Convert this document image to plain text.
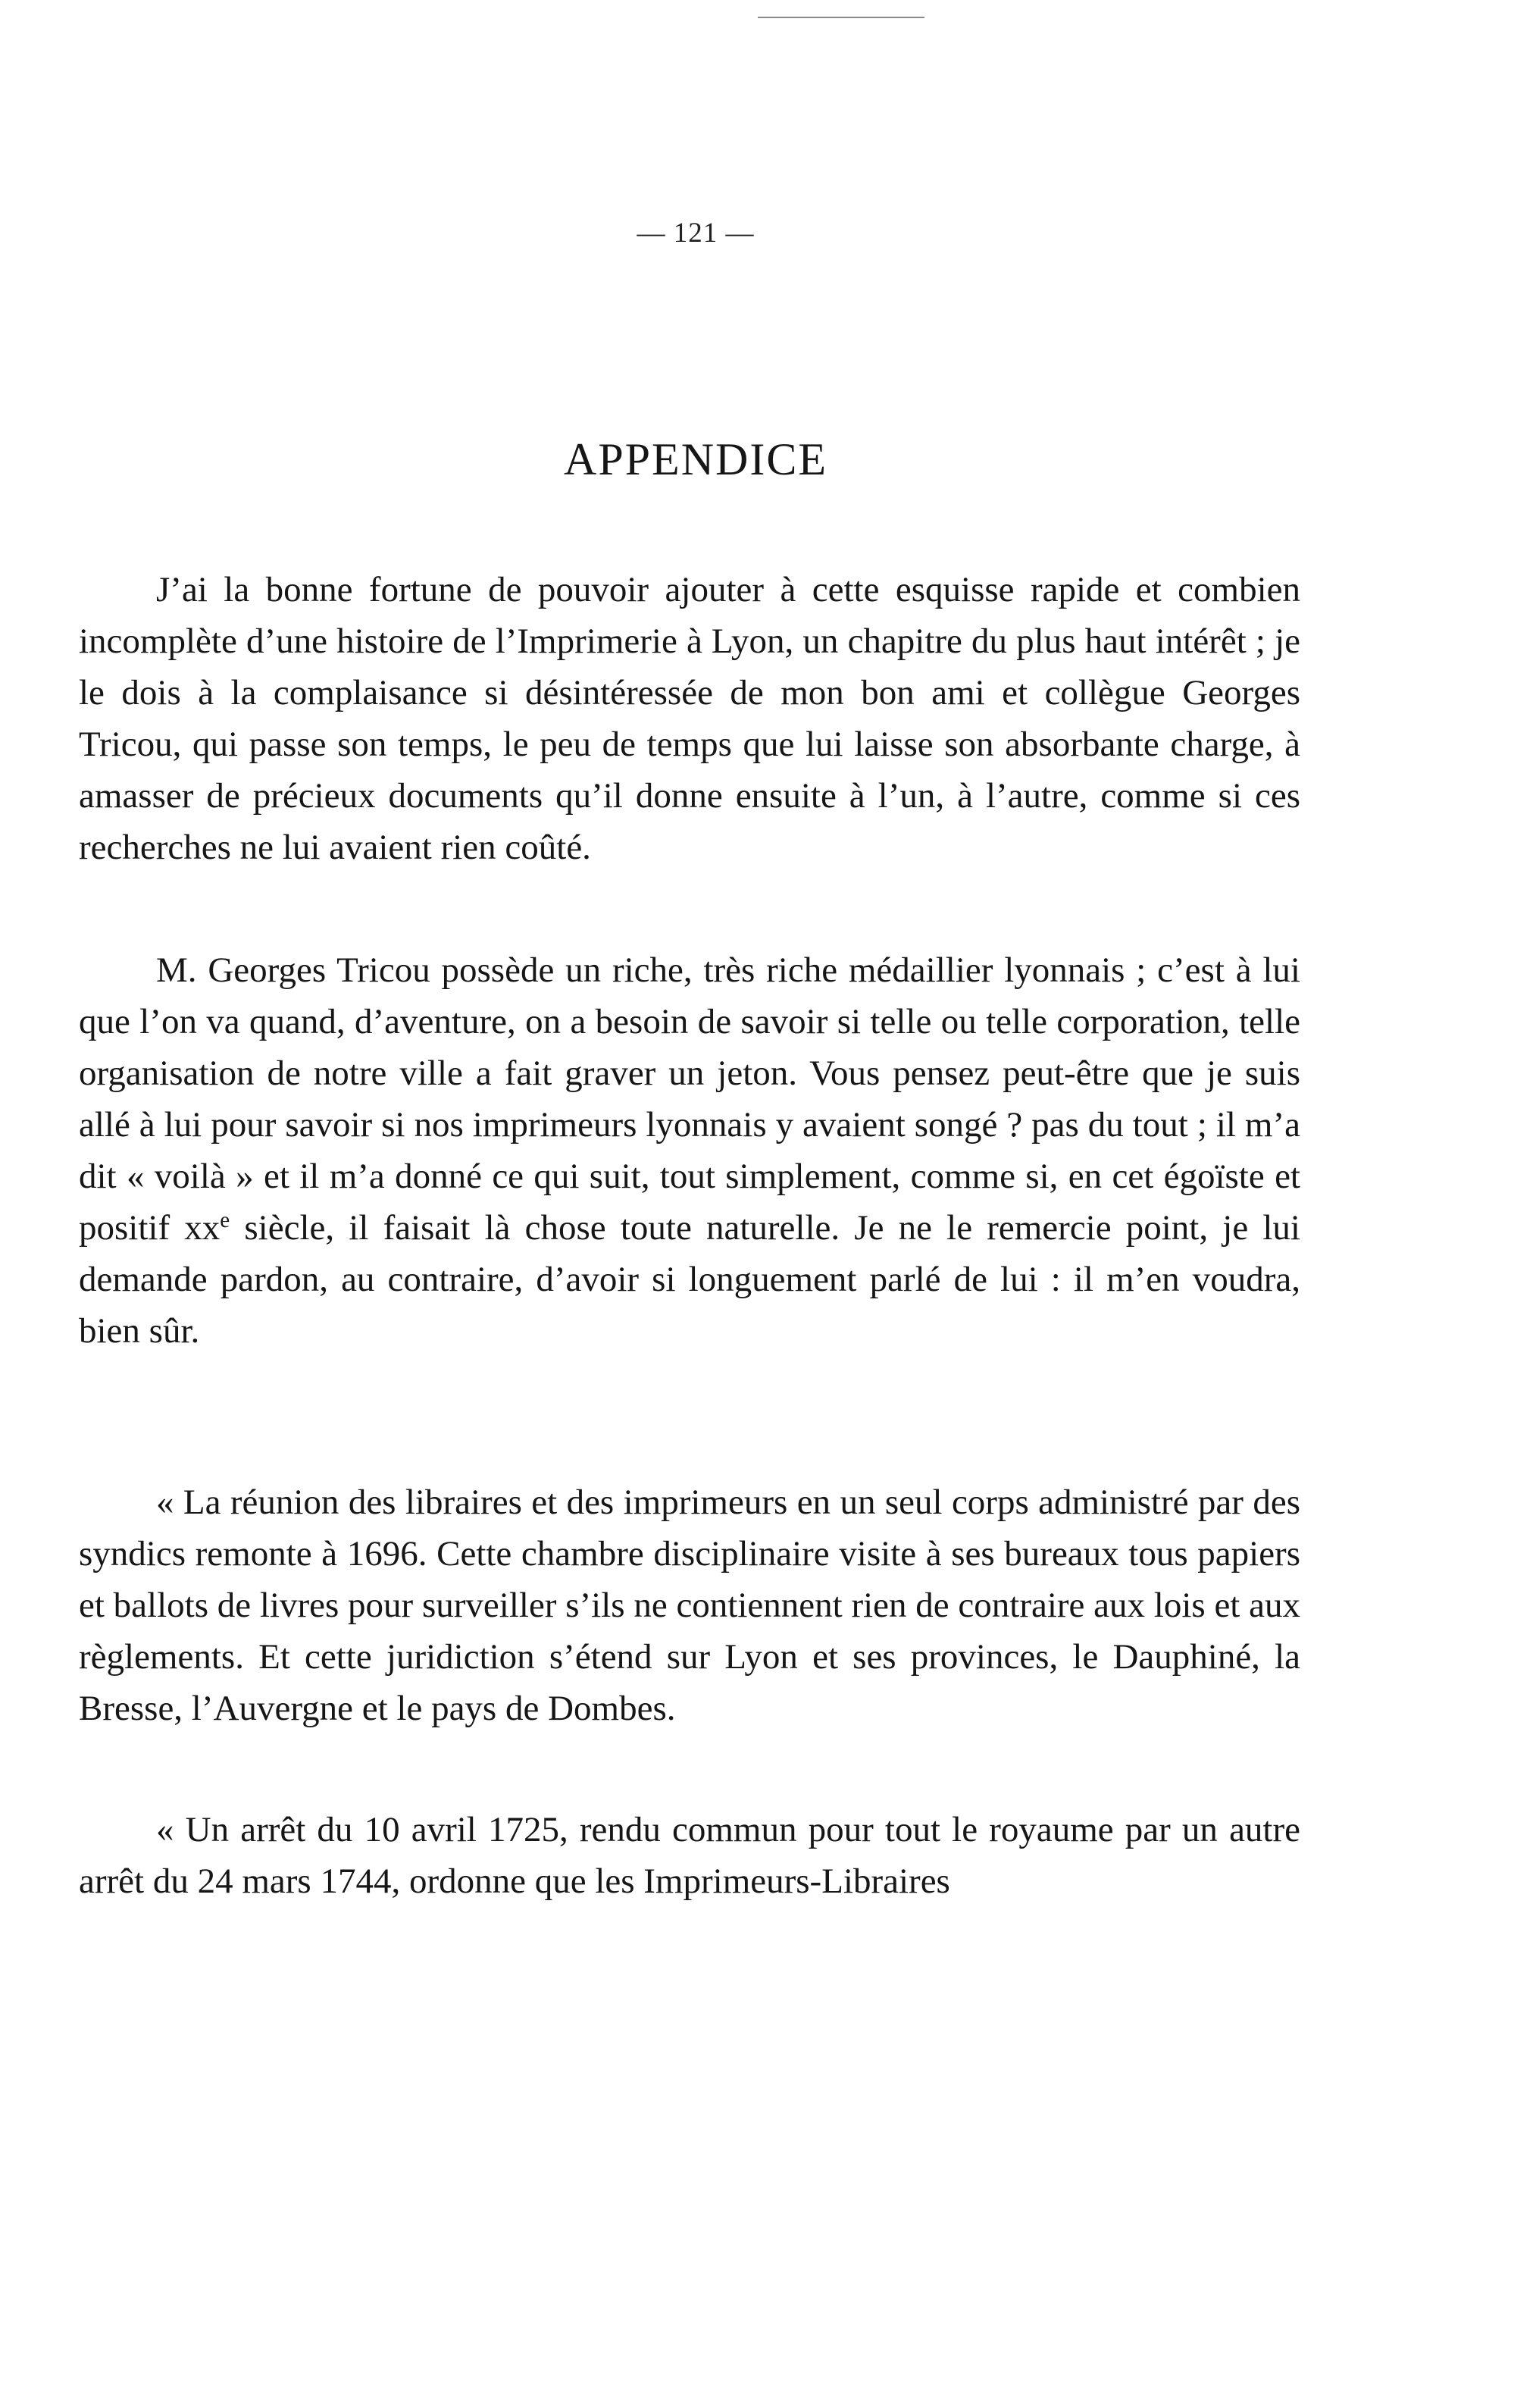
— 121 —
APPENDICE

J’ai la bonne fortune de pouvoir ajouter à cette esquisse rapide et combien incomplète d’une histoire de l’Imprimerie à Lyon, un chapitre du plus haut intérêt ; je le dois à la complaisance si désintéressée de mon bon ami et collègue Georges Tricou, qui passe son temps, le peu de temps que lui laisse son absorbante charge, à amasser de précieux documents qu’il donne ensuite à l’un, à l’autre, comme si ces recherches ne lui avaient rien coûté.

M. Georges Tricou possède un riche, très riche médaillier lyonnais ; c’est à lui que l’on va quand, d’aventure, on a besoin de savoir si telle ou telle corporation, telle organisation de notre ville a fait graver un jeton. Vous pensez peut-être que je suis allé à lui pour savoir si nos imprimeurs lyonnais y avaient songé ? pas du tout ; il m’a dit « voilà » et il m’a donné ce qui suit, tout simplement, comme si, en cet égoïste et positif $xx^e$ siècle, il faisait là chose toute naturelle. Je ne le remercie point, je lui demande pardon, au contraire, d’avoir si longuement parlé de lui : il m’en voudra, bien sûr.

« La réunion des libraires et des imprimeurs en un seul corps administré par des syndics remonte à 1696. Cette chambre disciplinaire visite à ses bureaux tous papiers et ballots de livres pour surveiller s’ils ne contiennent rien de contraire aux lois et aux règlements. Et cette juridiction s’étend sur Lyon et ses provinces, le Dauphiné, la Bresse, l’Auvergne et le pays de Dombes.

« Un arrêt du 10 avril 1725, rendu commun pour tout le royaume par un autre arrêt du 24 mars 1744, ordonne que les Imprimeurs-Libraires
